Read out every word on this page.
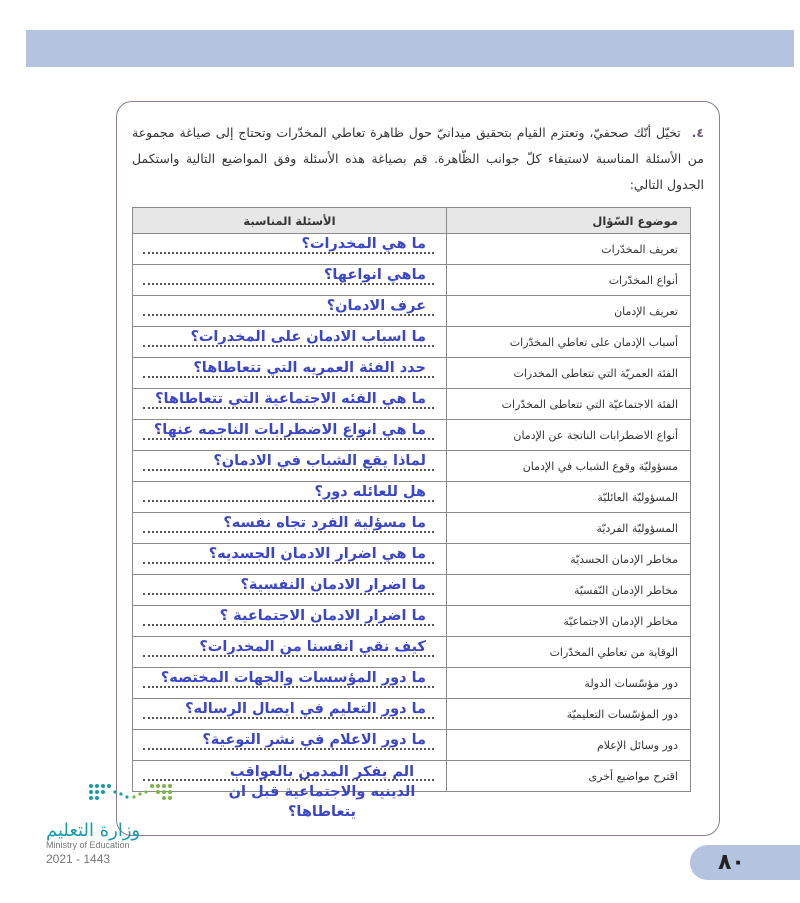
٤. تخيّل أنّك صحفيّ، وتعتزم القيام بتحقيق ميدانيّ حول ظاهرة تعاطي المخدّرات وتحتاج إلى صياغة مجموعة من الأسئلة المناسبة لاستيفاء كلّ جوانب الظّاهرة. قم بصياغة هذه الأسئلة وفق المواضيع التالية واستكمل الجدول التالي:
موضوع السّؤال	الأسئلة المناسبة
تعريف المخدّرات	ما هي المخدرات؟

أنواع المخدّرات	ماهي انواعها؟

تعريف الإدمان	عرف الادمان؟

أسباب الإدمان على تعاطي المخدّرات	ما اسباب الادمان على المخدرات؟

الفئة العمريّة التي تتعاطى المخدرات	حدد الفئة العمريه التي تتعاطاها؟

الفئة الاجتماعيّة التي تتعاطى المخدّرات	ما هي الفئه الاجتماعية التي تتعاطاها؟

أنواع الاضطرابات الناتجة عن الإدمان	ما هي انواع الاضطرابات الناجمه عنها؟

مسؤوليّة وقوع الشباب في الإدمان	لماذا يقع الشباب في الادمان؟

المسؤوليّة العائليّة	هل للعائله دور؟

المسؤوليّة الفرديّة	ما مسؤلية الفرد تجاه نفسه؟

مخاطر الإدمان الجسديّة	ما هي اضرار الادمان الجسديه؟

مخاطر الإدمان النّفسيّة	ما اضرار الادمان النفسية؟

مخاطر الإدمان الاجتماعيّة	ما اضرار الادمان الاجتماعية ؟

الوقاية من تعاطي المخدّرات	كيف نقي انفسنا من المخدرات؟

دور مؤسّسات الدولة	ما دور المؤسسات والجهات المختصه؟

دور المؤسّسات التعليميّة	ما دور التعليم في ايصال الرساله؟

دور وسائل الإعلام	ما دور الاعلام في نشر التوعية؟

اقترح مواضيع أخرى	الم يفكر المدمن بالعواقب الدينيه والاجتماعية قبل ان يتعاطاها؟
وزارة التعليم
Ministry of Education
2021 - 1443	٨٠
